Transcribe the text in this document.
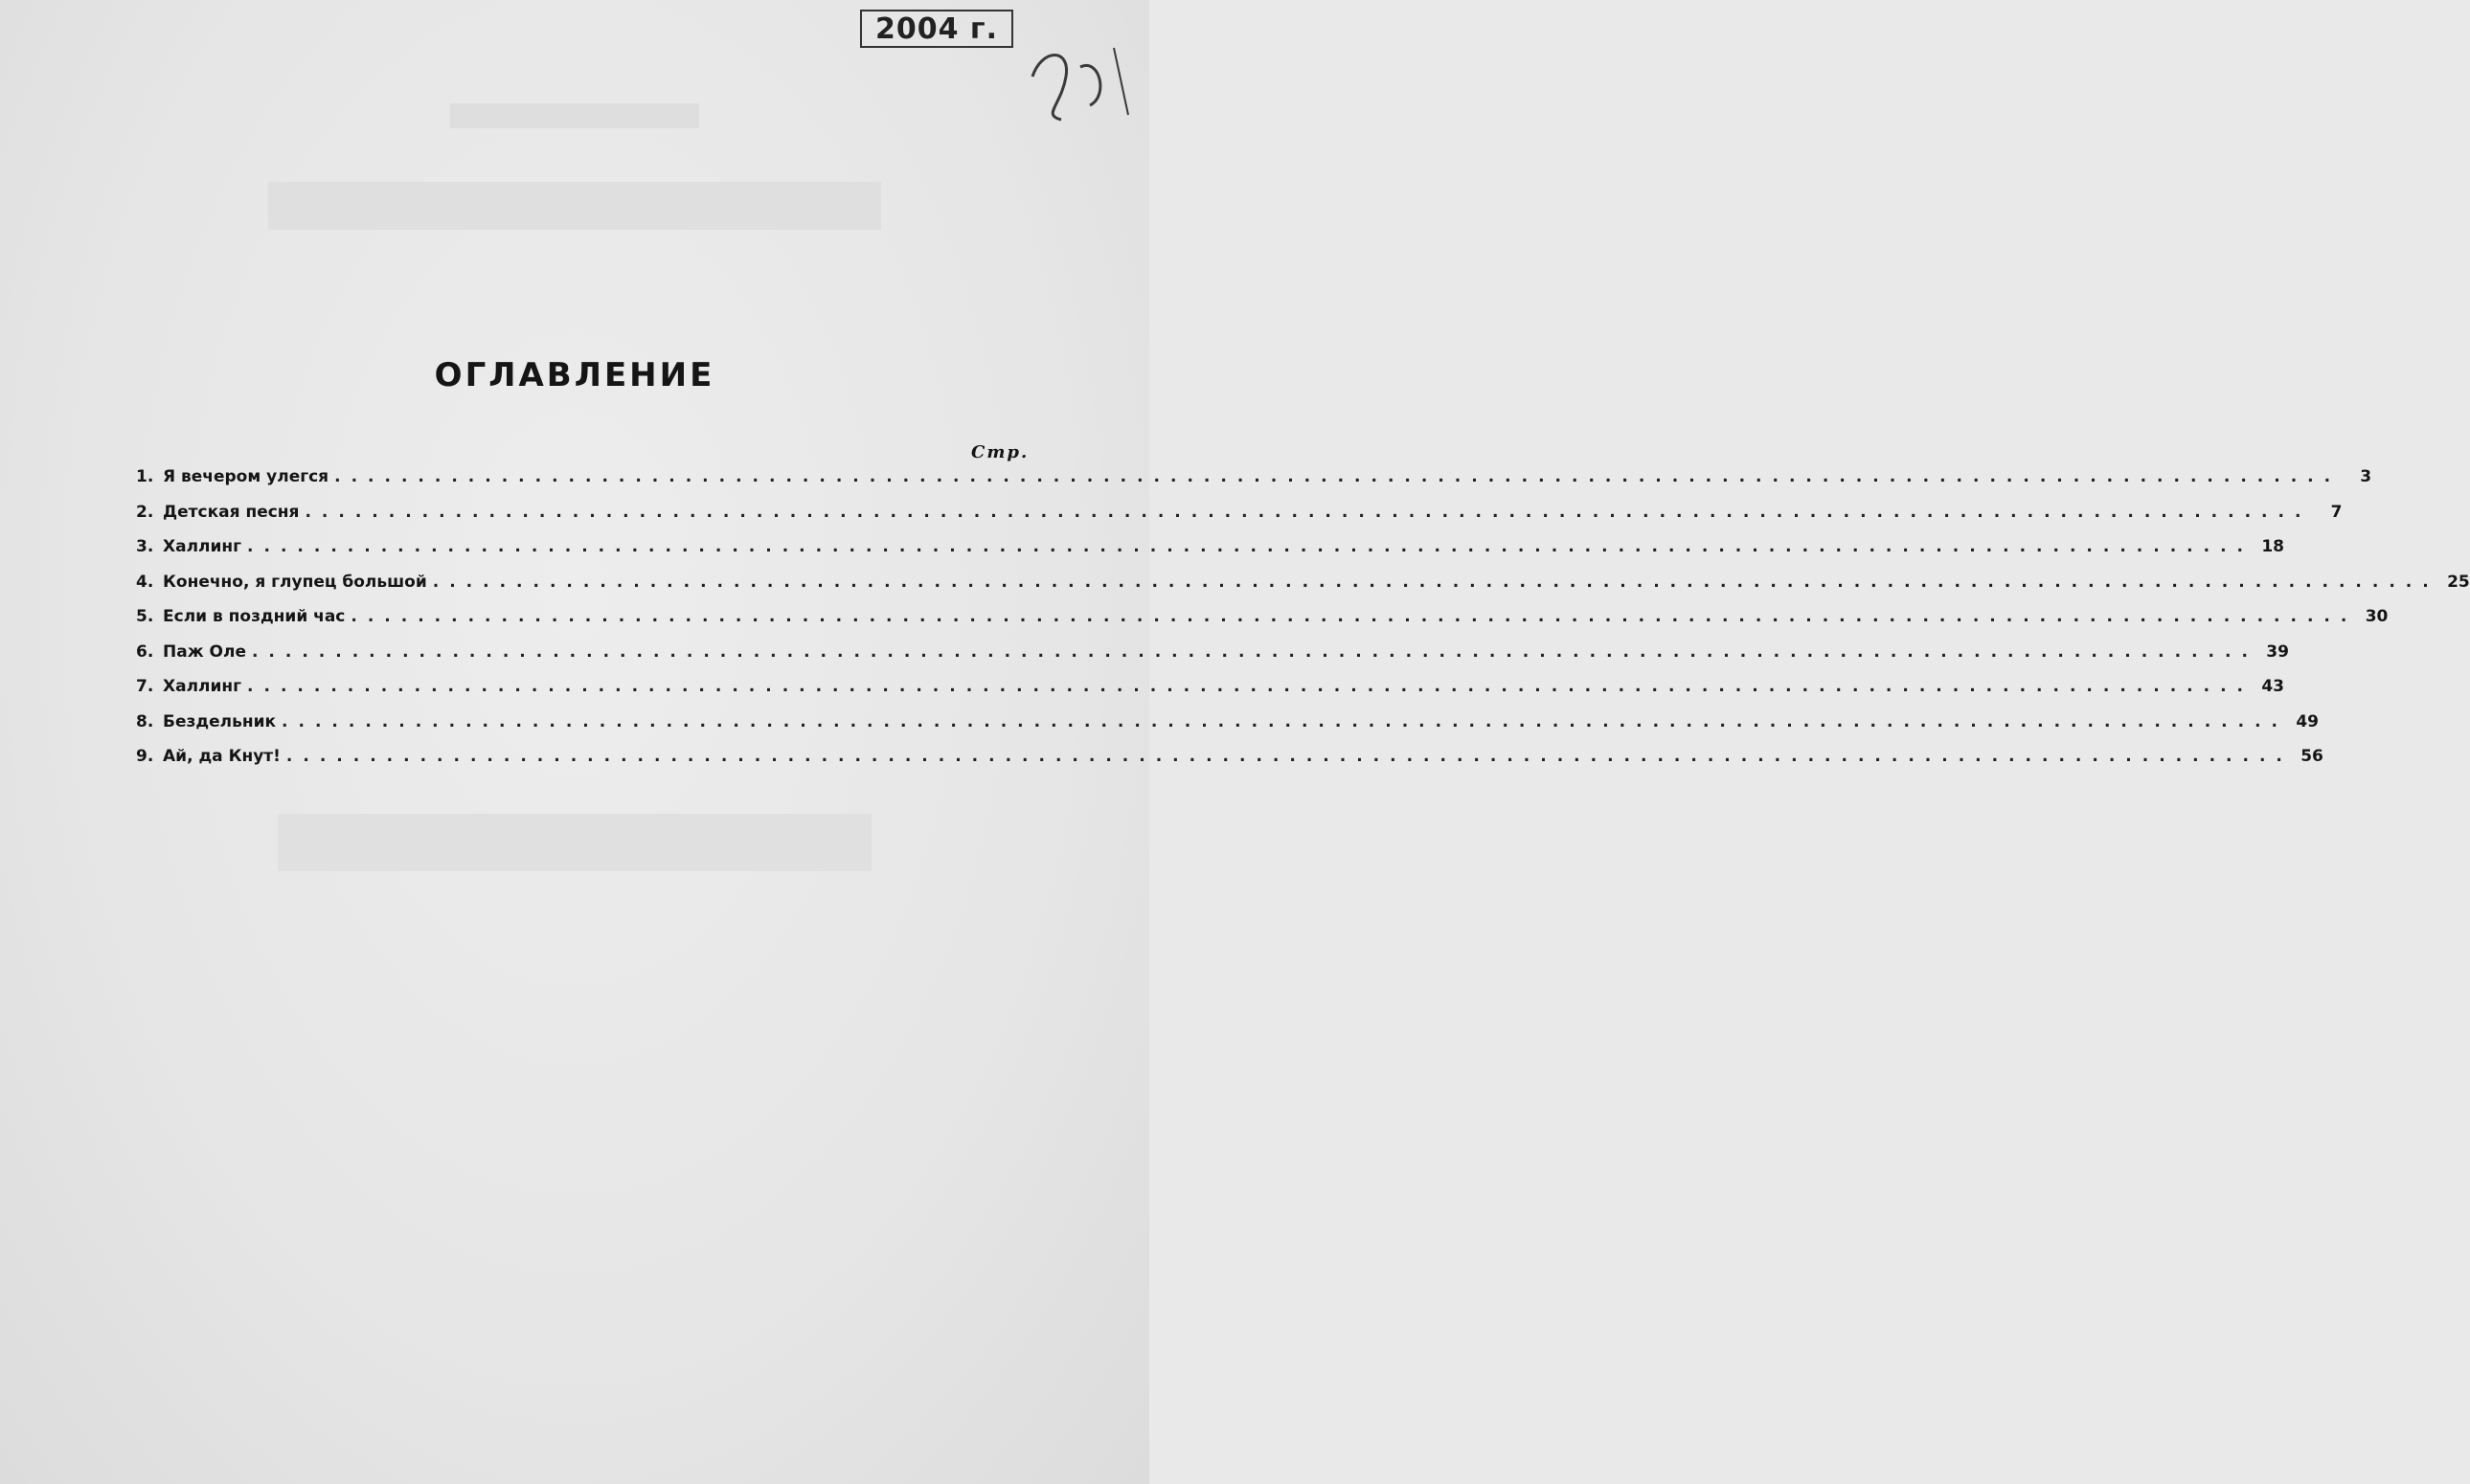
2004 г.
ОГЛАВЛЕНИЕ
Стр.
1. Я вечером улегся ........................................................................................................................	3
2. Детская песня ........................................................................................................................	7
3. Халлинг ........................................................................................................................ 18
4. Конечно, я глупец большой ........................................................................................................................ 25
5. Если в поздний час ........................................................................................................................ 30
6. Паж Оле ........................................................................................................................ 39
7. Халлинг ........................................................................................................................ 43
8. Бездельник ........................................................................................................................ 49
9. Ай, да Кнут! ........................................................................................................................ 56
